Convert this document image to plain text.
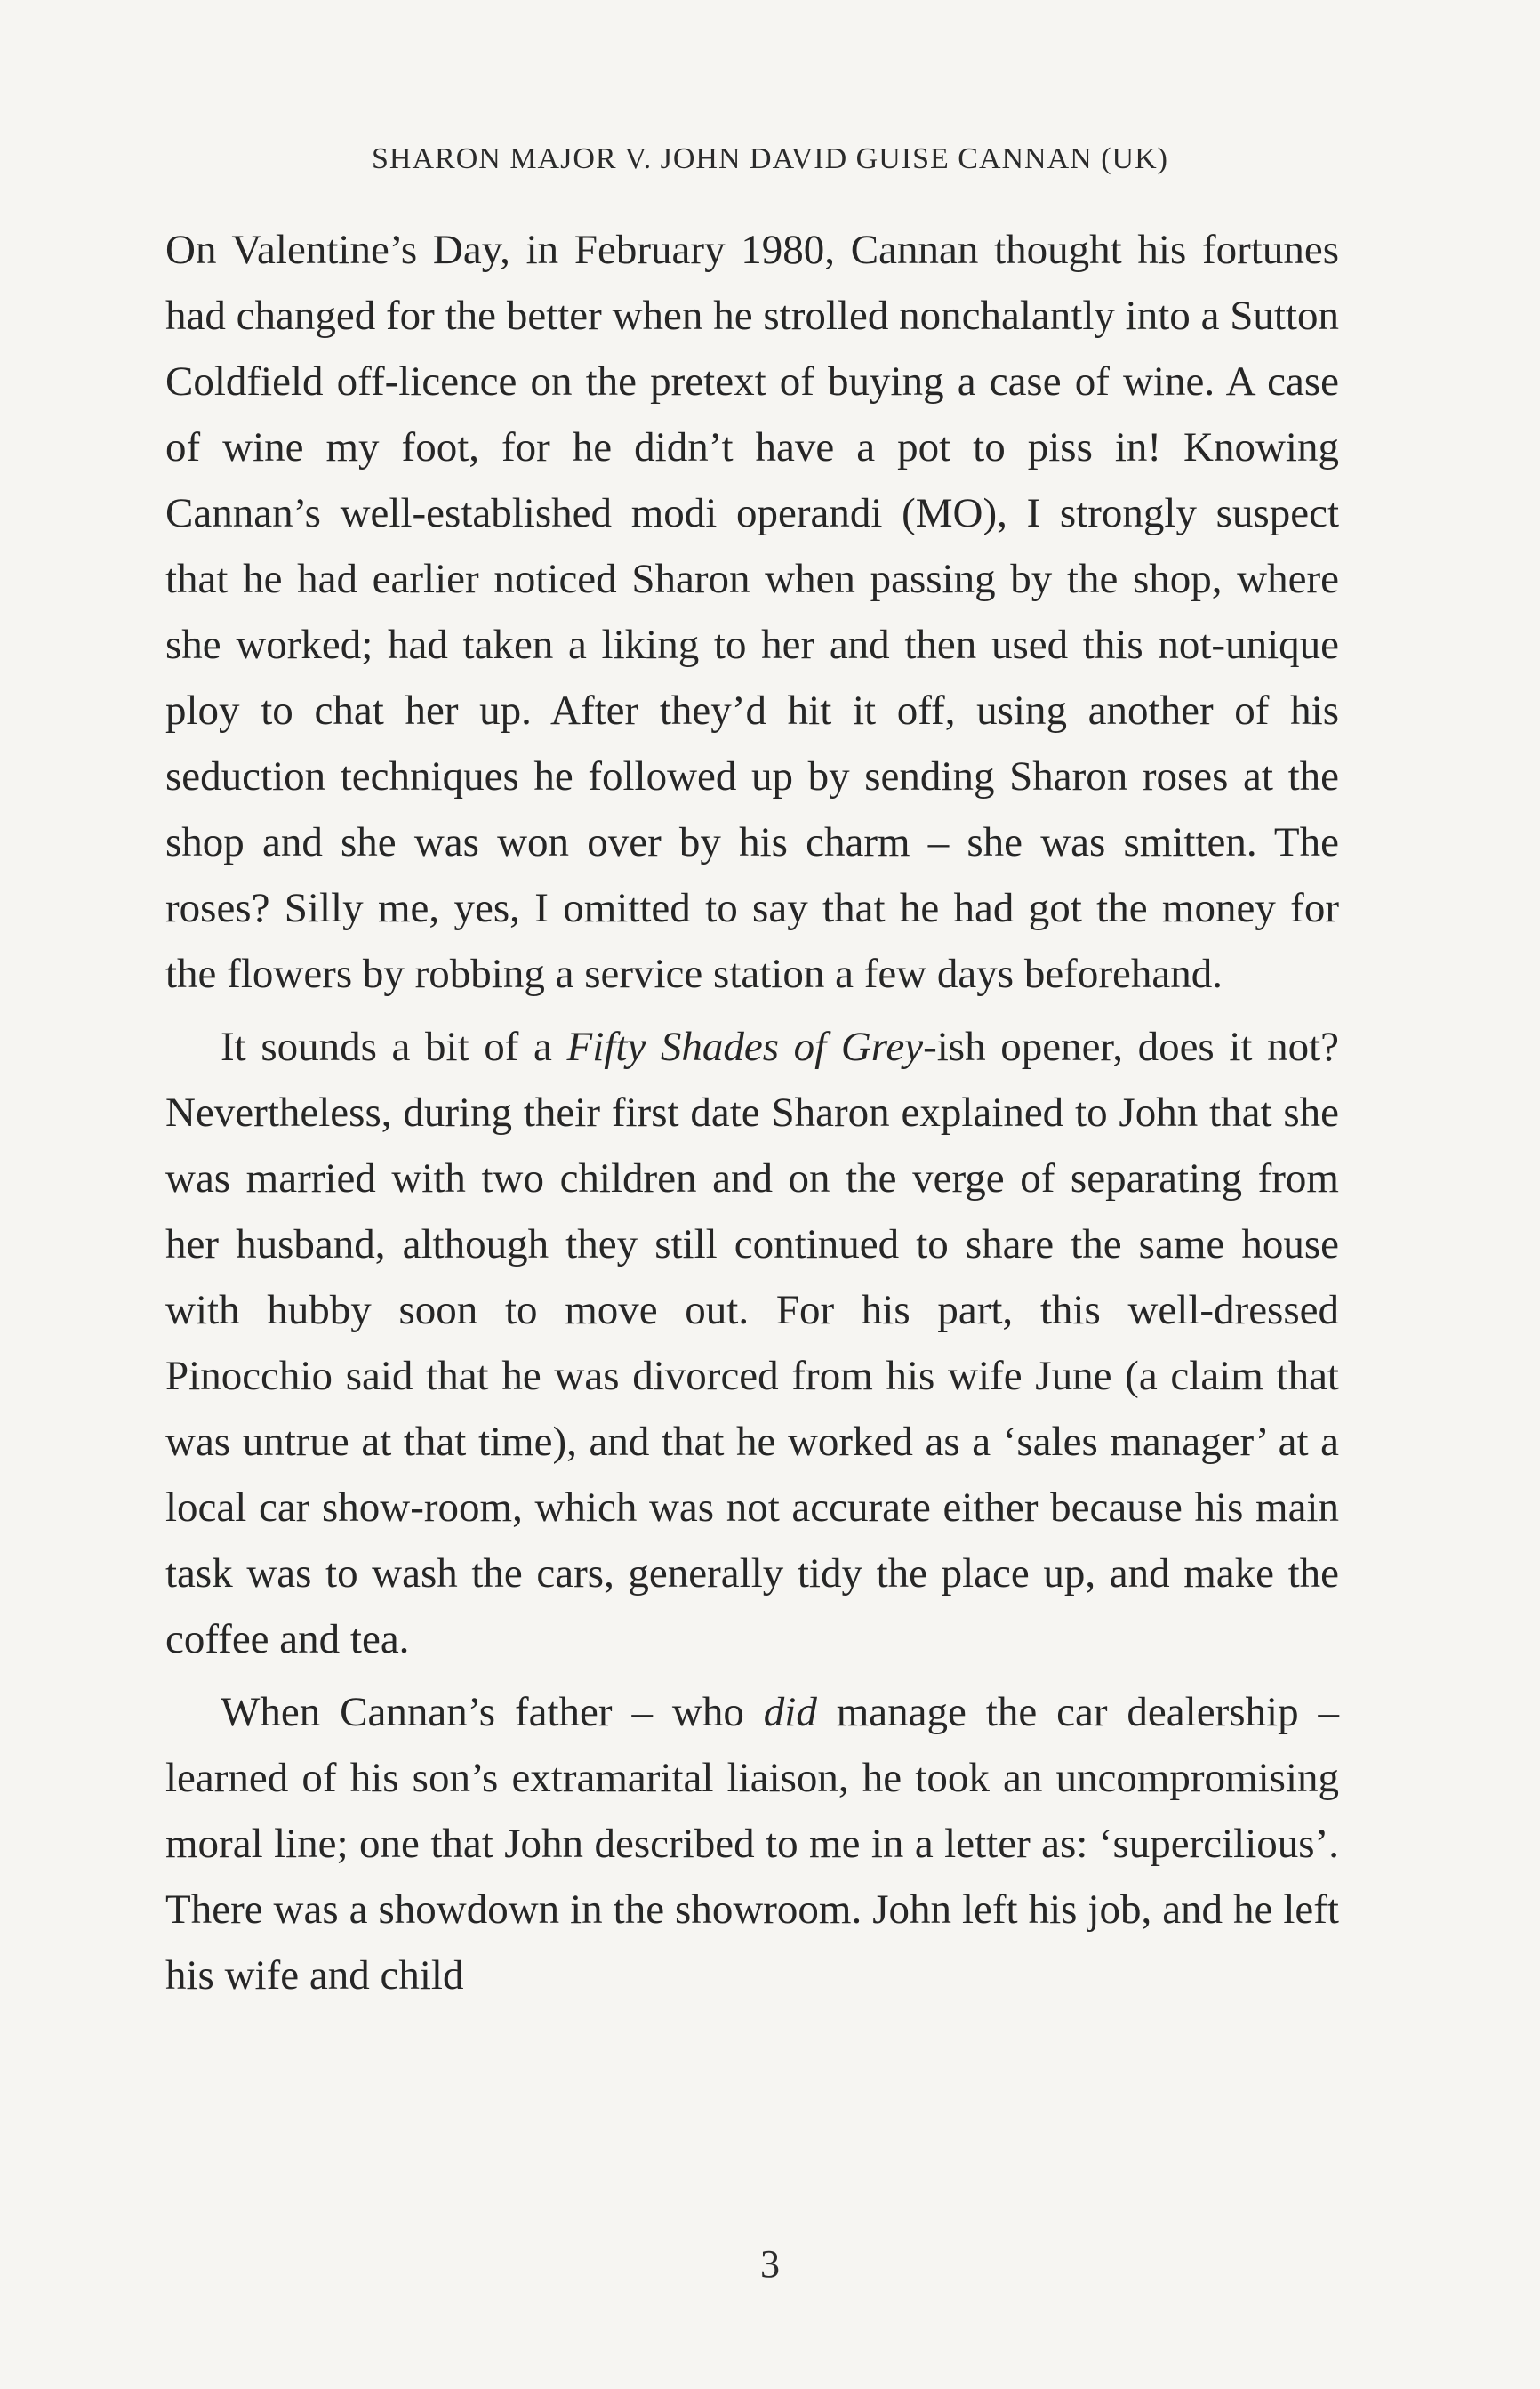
SHARON MAJOR V. JOHN DAVID GUISE CANNAN (UK)

On Valentine’s Day, in February 1980, Cannan thought his fortunes had changed for the better when he strolled nonchalantly into a Sutton Coldfield off-licence on the pretext of buying a case of wine. A case of wine my foot, for he didn’t have a pot to piss in! Knowing Cannan’s well-established modi operandi (MO), I strongly suspect that he had earlier noticed Sharon when passing by the shop, where she worked; had taken a liking to her and then used this not-unique ploy to chat her up. After they’d hit it off, using another of his seduction techniques he followed up by sending Sharon roses at the shop and she was won over by his charm – she was smitten. The roses? Silly me, yes, I omitted to say that he had got the money for the flowers by robbing a service station a few days beforehand.

It sounds a bit of a Fifty Shades of Grey-ish opener, does it not? Nevertheless, during their first date Sharon explained to John that she was married with two children and on the verge of separating from her husband, although they still continued to share the same house with hubby soon to move out. For his part, this well-dressed Pinocchio said that he was divorced from his wife June (a claim that was untrue at that time), and that he worked as a ‘sales manager’ at a local car show-room, which was not accurate either because his main task was to wash the cars, generally tidy the place up, and make the coffee and tea.

When Cannan’s father – who did manage the car dealership – learned of his son’s extramarital liaison, he took an uncompromising moral line; one that John described to me in a letter as: ‘supercilious’. There was a showdown in the showroom. John left his job, and he left his wife and child

3
